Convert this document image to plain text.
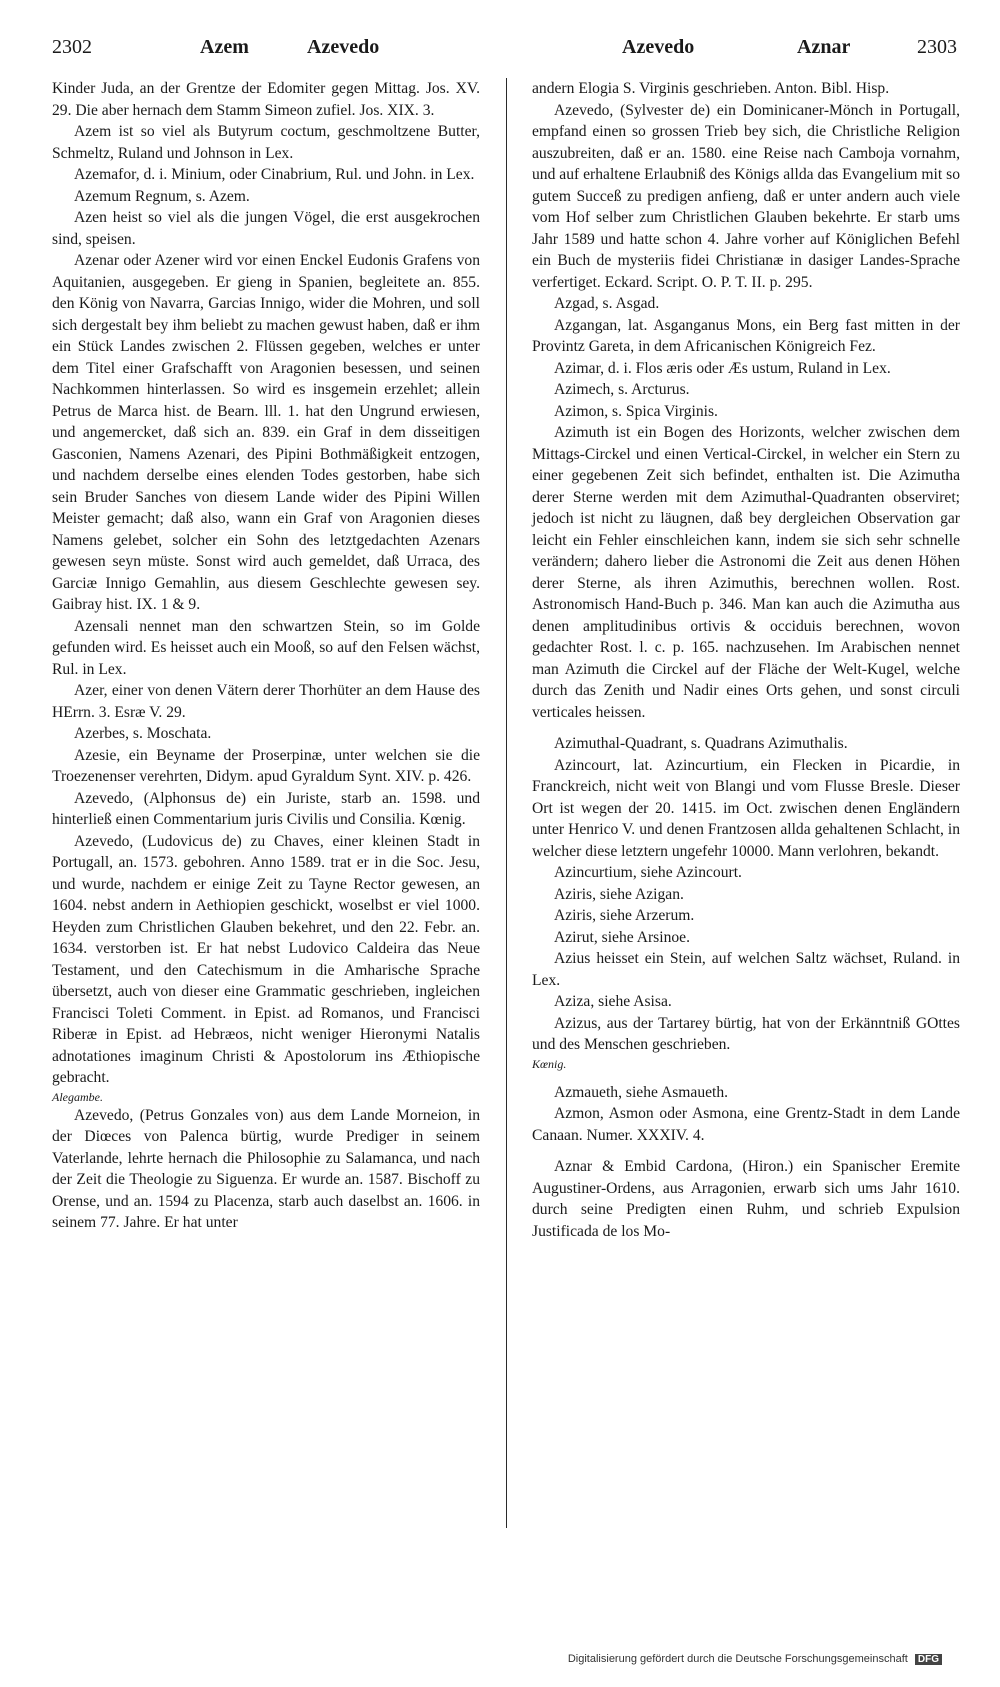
2302	Azem	Azevedo	Azevedo	Aznar	2303

Kinder Juda, an der Grentze der Edomiter gegen Mittag. Jos. XV. 29. Die aber hernach dem Stamm Simeon zufiel. Jos. XIX. 3.

Azem ist so viel als Butyrum coctum, geschmoltzene Butter, Schmeltz, Ruland und Johnson in Lex.

Azemafor, d. i. Minium, oder Cinabrium, Rul. und John. in Lex.

Azemum Regnum, s. Azem.

Azen heist so viel als die jungen Vögel, die erst ausgekrochen sind, speisen.

Azenar oder Azener wird vor einen Enckel Eudonis Grafens von Aquitanien, ausgegeben. Er gieng in Spanien, begleitete an. 855. den König von Navarra, Garcias Innigo, wider die Mohren, und soll sich dergestalt bey ihm beliebt zu machen gewust haben, daß er ihm ein Stück Landes zwischen 2. Flüssen gegeben, welches er unter dem Titel einer Grafschafft von Aragonien besessen, und seinen Nachkommen hinterlassen. So wird es insgemein erzehlet; allein Petrus de Marca hist. de Bearn. lll. 1. hat den Ungrund erwiesen, und angemercket, daß sich an. 839. ein Graf in dem disseitigen Gasconien, Namens Azenari, des Pipini Bothmäßigkeit entzogen, und nachdem derselbe eines elenden Todes gestorben, habe sich sein Bruder Sanches von diesem Lande wider des Pipini Willen Meister gemacht; daß also, wann ein Graf von Aragonien dieses Namens gelebet, solcher ein Sohn des letztgedachten Azenars gewesen seyn müste. Sonst wird auch gemeldet, daß Urraca, des Garciæ Innigo Gemahlin, aus diesem Geschlechte gewesen sey. Gaibray hist. IX. 1 & 9.

Azensali nennet man den schwartzen Stein, so im Golde gefunden wird. Es heisset auch ein Mooß, so auf den Felsen wächst, Rul. in Lex.

Azer, einer von denen Vätern derer Thorhüter an dem Hause des HErrn. 3. Esræ V. 29.

Azerbes, s. Moschata.

Azesie, ein Beyname der Proserpinæ, unter welchen sie die Troezenenser verehrten, Didym. apud Gyraldum Synt. XIV. p. 426.

Azevedo, (Alphonsus de) ein Juriste, starb an. 1598. und hinterließ einen Commentarium juris Civilis und Consilia. Kœnig.

Azevedo, (Ludovicus de) zu Chaves, einer kleinen Stadt in Portugall, an. 1573. gebohren. Anno 1589. trat er in die Soc. Jesu, und wurde, nachdem er einige Zeit zu Tayne Rector gewesen, an 1604. nebst andern in Aethiopien geschickt, woselbst er viel 1000. Heyden zum Christlichen Glauben bekehret, und den 22. Febr. an. 1634. verstorben ist. Er hat nebst Ludovico Caldeira das Neue Testament, und den Catechismum in die Amharische Sprache übersetzt, auch von dieser eine Grammatic geschrieben, ingleichen Francisci Toleti Comment. in Epist. ad Romanos, und Francisci Riberæ in Epist. ad Hebræos, nicht weniger Hieronymi Natalis adnotationes imaginum Christi & Apostolorum ins Æthiopische gebracht.

Alegambe.

Azevedo, (Petrus Gonzales von) aus dem Lande Morneion, in der Diœces von Palenca bürtig, wurde Prediger in seinem Vaterlande, lehrte hernach die Philosophie zu Salamanca, und nach der Zeit die Theologie zu Siguenza. Er wurde an. 1587. Bischoff zu Orense, und an. 1594 zu Placenza, starb auch daselbst an. 1606. in seinem 77. Jahre. Er hat unter

andern Elogia S. Virginis geschrieben. Anton. Bibl. Hisp.

Azevedo, (Sylvester de) ein Dominicaner-Mönch in Portugall, empfand einen so grossen Trieb bey sich, die Christliche Religion auszubreiten, daß er an. 1580. eine Reise nach Camboja vornahm, und auf erhaltene Erlaubniß des Königs allda das Evangelium mit so gutem Succeß zu predigen anfieng, daß er unter andern auch viele vom Hof selber zum Christlichen Glauben bekehrte. Er starb ums Jahr 1589 und hatte schon 4. Jahre vorher auf Königlichen Befehl ein Buch de mysteriis fidei Christianæ in dasiger Landes-Sprache verfertiget. Eckard. Script. O. P. T. II. p. 295.

Azgad, s. Asgad.

Azgangan, lat. Asganganus Mons, ein Berg fast mitten in der Provintz Gareta, in dem Africanischen Königreich Fez.

Azimar, d. i. Flos æris oder Æs ustum, Ruland in Lex.

Azimech, s. Arcturus.

Azimon, s. Spica Virginis.

Azimuth ist ein Bogen des Horizonts, welcher zwischen dem Mittags-Circkel und einen Vertical-Circkel, in welcher ein Stern zu einer gegebenen Zeit sich befindet, enthalten ist. Die Azimutha derer Sterne werden mit dem Azimuthal-Quadranten observiret; jedoch ist nicht zu läugnen, daß bey dergleichen Observation gar leicht ein Fehler einschleichen kann, indem sie sich sehr schnelle verändern; dahero lieber die Astronomi die Zeit aus denen Höhen derer Sterne, als ihren Azimuthis, berechnen wollen. Rost. Astronomisch Hand-Buch p. 346. Man kan auch die Azimutha aus denen amplitudinibus ortivis & occiduis berechnen, wovon gedachter Rost. l. c. p. 165. nachzusehen. Im Arabischen nennet man Azimuth die Circkel auf der Fläche der Welt-Kugel, welche durch das Zenith und Nadir eines Orts gehen, und sonst circuli verticales heissen.

Azimuthal-Quadrant, s. Quadrans Azimuthalis.

Azincourt, lat. Azincurtium, ein Flecken in Picardie, in Franckreich, nicht weit von Blangi und vom Flusse Bresle. Dieser Ort ist wegen der 20. 1415. im Oct. zwischen denen Engländern unter Henrico V. und denen Frantzosen allda gehaltenen Schlacht, in welcher diese letztern ungefehr 10000. Mann verlohren, bekandt.

Azincurtium, siehe Azincourt.

Aziris, siehe Azigan.

Aziris, siehe Arzerum.

Azirut, siehe Arsinoe.

Azius heisset ein Stein, auf welchen Saltz wächset, Ruland. in Lex.

Aziza, siehe Asisa.

Azizus, aus der Tartarey bürtig, hat von der Erkänntniß GOttes und des Menschen geschrieben.

Kœnig.

Azmaueth, siehe Asmaueth.

Azmon, Asmon oder Asmona, eine Grentz-Stadt in dem Lande Canaan. Numer. XXXIV. 4.

Aznar & Embid Cardona, (Hiron.) ein Spanischer Eremite Augustiner-Ordens, aus Arragonien, erwarb sich ums Jahr 1610. durch seine Predigten einen Ruhm, und schrieb Expulsion Justificada de los Mo-

Digitalisierung gefördert durch die Deutsche Forschungsgemeinschaft DFG
